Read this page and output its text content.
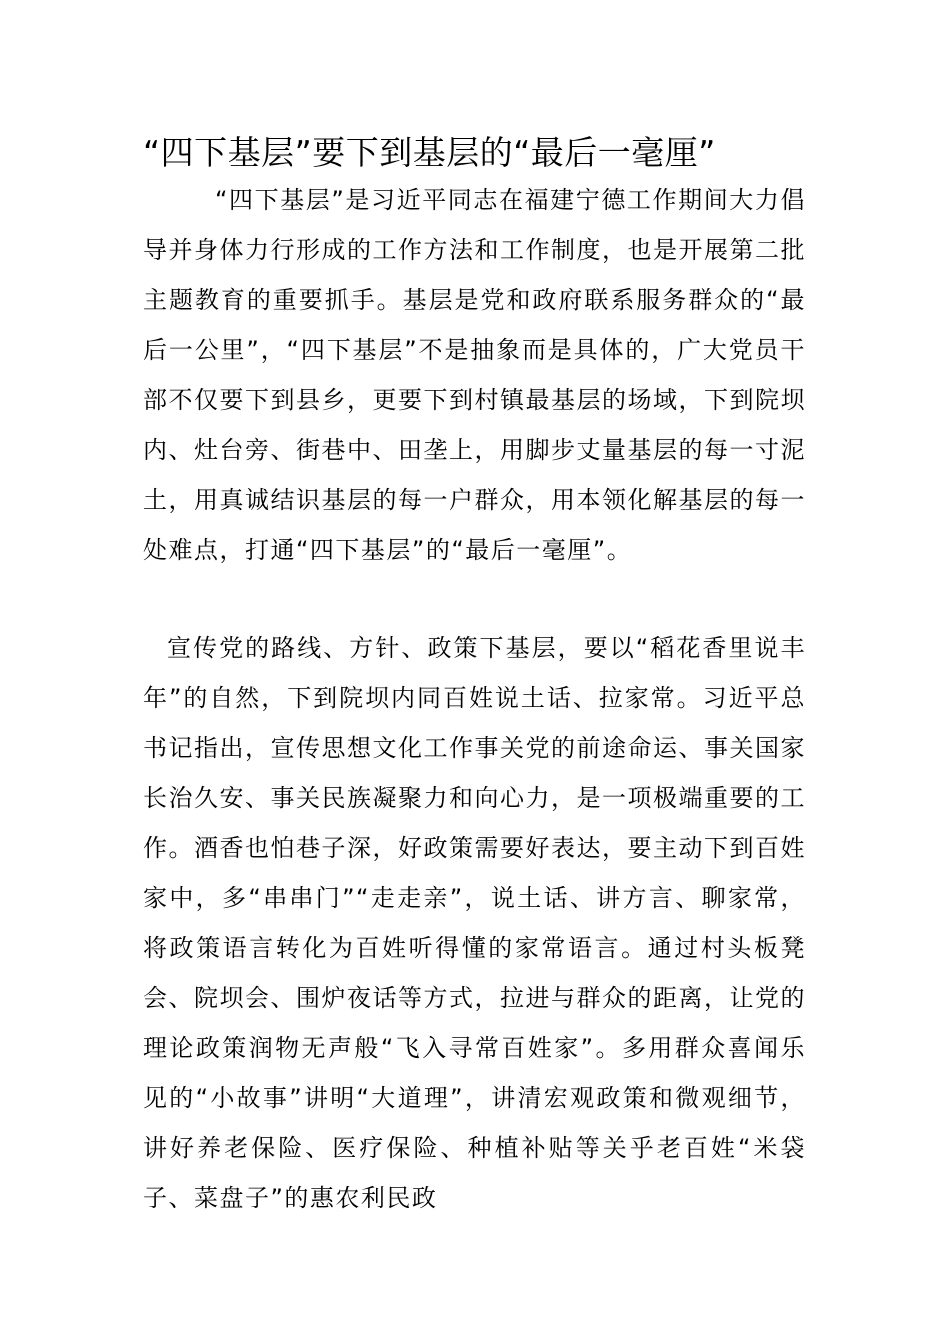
“四下基层”要下到基层的“最后一毫厘”

“四下基层”是习近平同志在福建宁德工作期间大力倡导并身体力行形成的工作方法和工作制度，也是开展第二批主题教育的重要抓手。基层是党和政府联系服务群众的“最后一公里”，“四下基层”不是抽象而是具体的，广大党员干部不仅要下到县乡，更要下到村镇最基层的场域，下到院坝内、灶台旁、街巷中、田垄上，用脚步丈量基层的每一寸泥土，用真诚结识基层的每一户群众，用本领化解基层的每一处难点，打通“四下基层”的“最后一毫厘”。

宣传党的路线、方针、政策下基层，要以“稻花香里说丰年”的自然，下到院坝内同百姓说土话、拉家常。习近平总书记指出，宣传思想文化工作事关党的前途命运、事关国家长治久安、事关民族凝聚力和向心力，是一项极端重要的工作。酒香也怕巷子深，好政策需要好表达，要主动下到百姓家中，多“串串门”“走走亲”，说土话、讲方言、聊家常，将政策语言转化为百姓听得懂的家常语言。通过村头板凳会、院坝会、围炉夜话等方式，拉进与群众的距离，让党的理论政策润物无声般“飞入寻常百姓家”。多用群众喜闻乐见的“小故事”讲明“大道理”，讲清宏观政策和微观细节，讲好养老保险、医疗保险、种植补贴等关乎老百姓“米袋子、菜盘子”的惠农利民政
